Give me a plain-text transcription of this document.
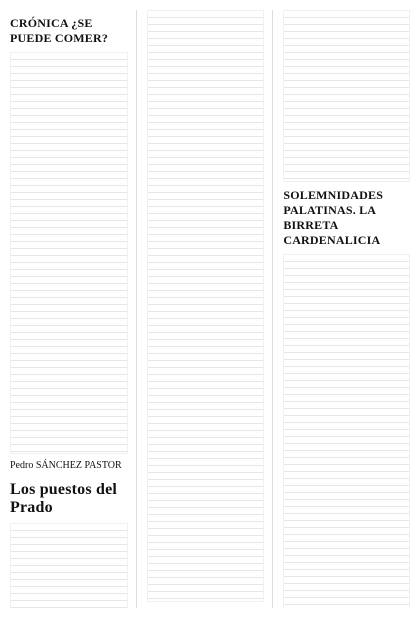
CRÓNICA ¿SE PUEDE COMER?
Pedro SÁNCHEZ PASTOR
Los puestos del Prado
SOLEMNIDADES PALATINAS. LA BIRRETA CARDENALICIA
